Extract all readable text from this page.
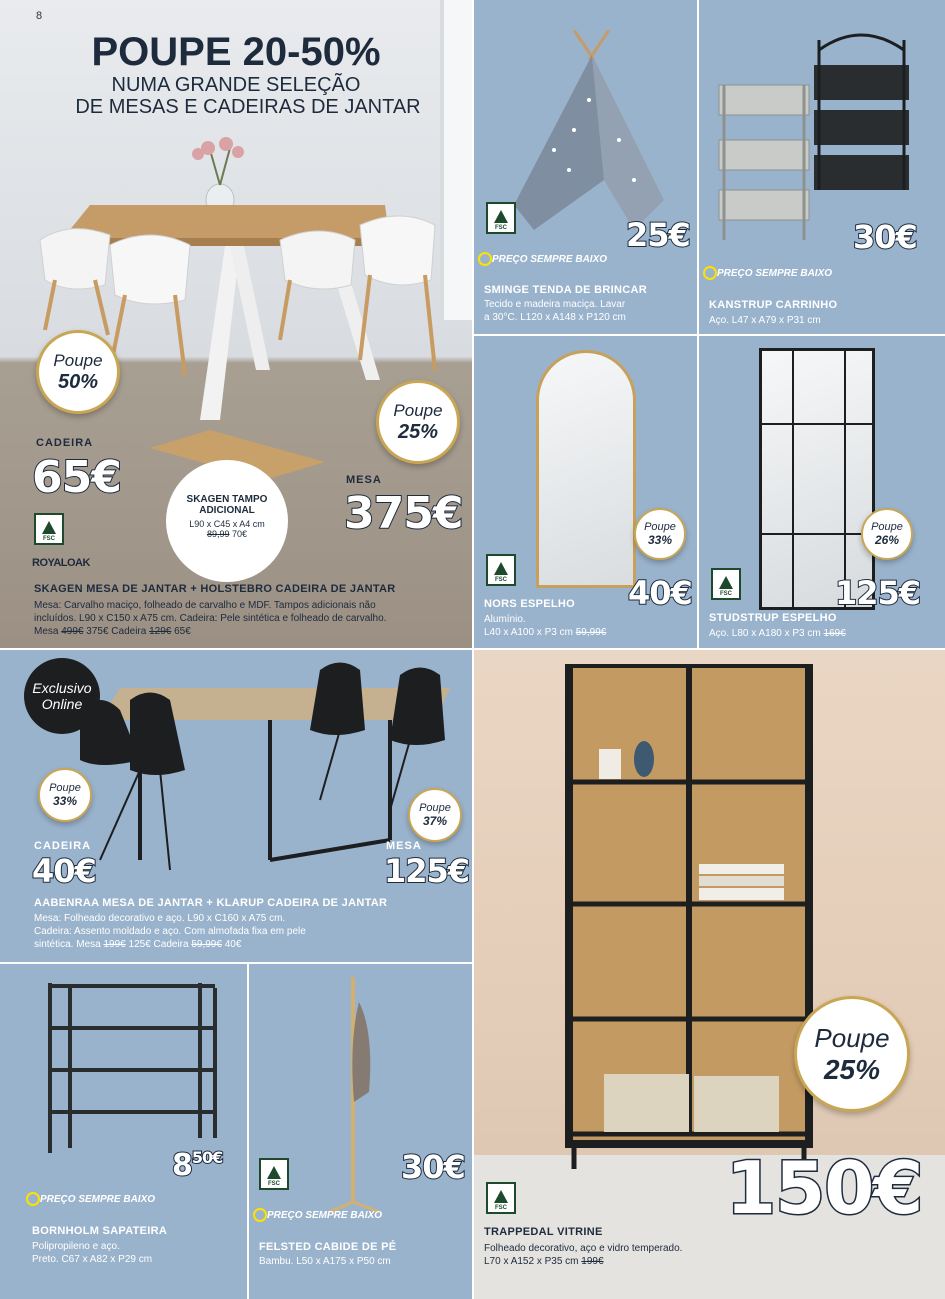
8
POUPE 20-50%
NUMA GRANDE SELEÇÃO
DE MESAS E CADEIRAS DE JANTAR
Poupe
50%
Poupe
25%
CADEIRA
65€	SKAGEN TAMPO
ADICIONAL
L90 x C45 x A4 cm
89,99 70€
MESA
375€
FSC
ROYALOAK
SKAGEN MESA DE JANTAR + HOLSTEBRO CADEIRA DE JANTAR
Mesa: Carvalho maciço, folheado de carvalho e MDF. Tampos adicionais não
incluídos. L90 x C150 x A75 cm. Cadeira: Pele sintética e folheado de carvalho.
Mesa 499€ 375€ Cadeira 129€ 65€
FSC	25€
PREÇO SEMPRE BAIXO
SMINGE TENDA DE BRINCAR
Tecido e madeira maciça. Lavar
a 30°C. L120 x A148 x P120 cm
30€
PREÇO SEMPRE BAIXO
KANSTRUP CARRINHO
Aço. L47 x A79 x P31 cm
Poupe
33%
FSC	40€
NORS ESPELHO
Alumínio.
L40 x A100 x P3 cm 59,99€
Poupe
26%
FSC	125€
STUDSTRUP ESPELHO
Aço. L80 x A180 x P3 cm 169€
Exclusivo
Online
Poupe
33%	Poupe
37%
CADEIRA
40€
MESA
125€
AABENRAA MESA DE JANTAR + KLARUP CADEIRA DE JANTAR
Mesa: Folheado decorativo e aço. L90 x C160 x A75 cm.
Cadeira: Assento moldado e aço. Com almofada fixa em pele
sintética. Mesa 199€ 125€ Cadeira 59,99€ 40€
Poupe
25%
150€
FSC
TRAPPEDAL VITRINE
Folheado decorativo, aço e vidro temperado.
L70 x A152 x P35 cm 199€
$8^{50€}$
PREÇO SEMPRE BAIXO
BORNHOLM SAPATEIRA
Polipropileno e aço.
Preto. C67 x A82 x P29 cm
FSC	30€
PREÇO SEMPRE BAIXO
FELSTED CABIDE DE PÉ
Bambu. L50 x A175 x P50 cm
